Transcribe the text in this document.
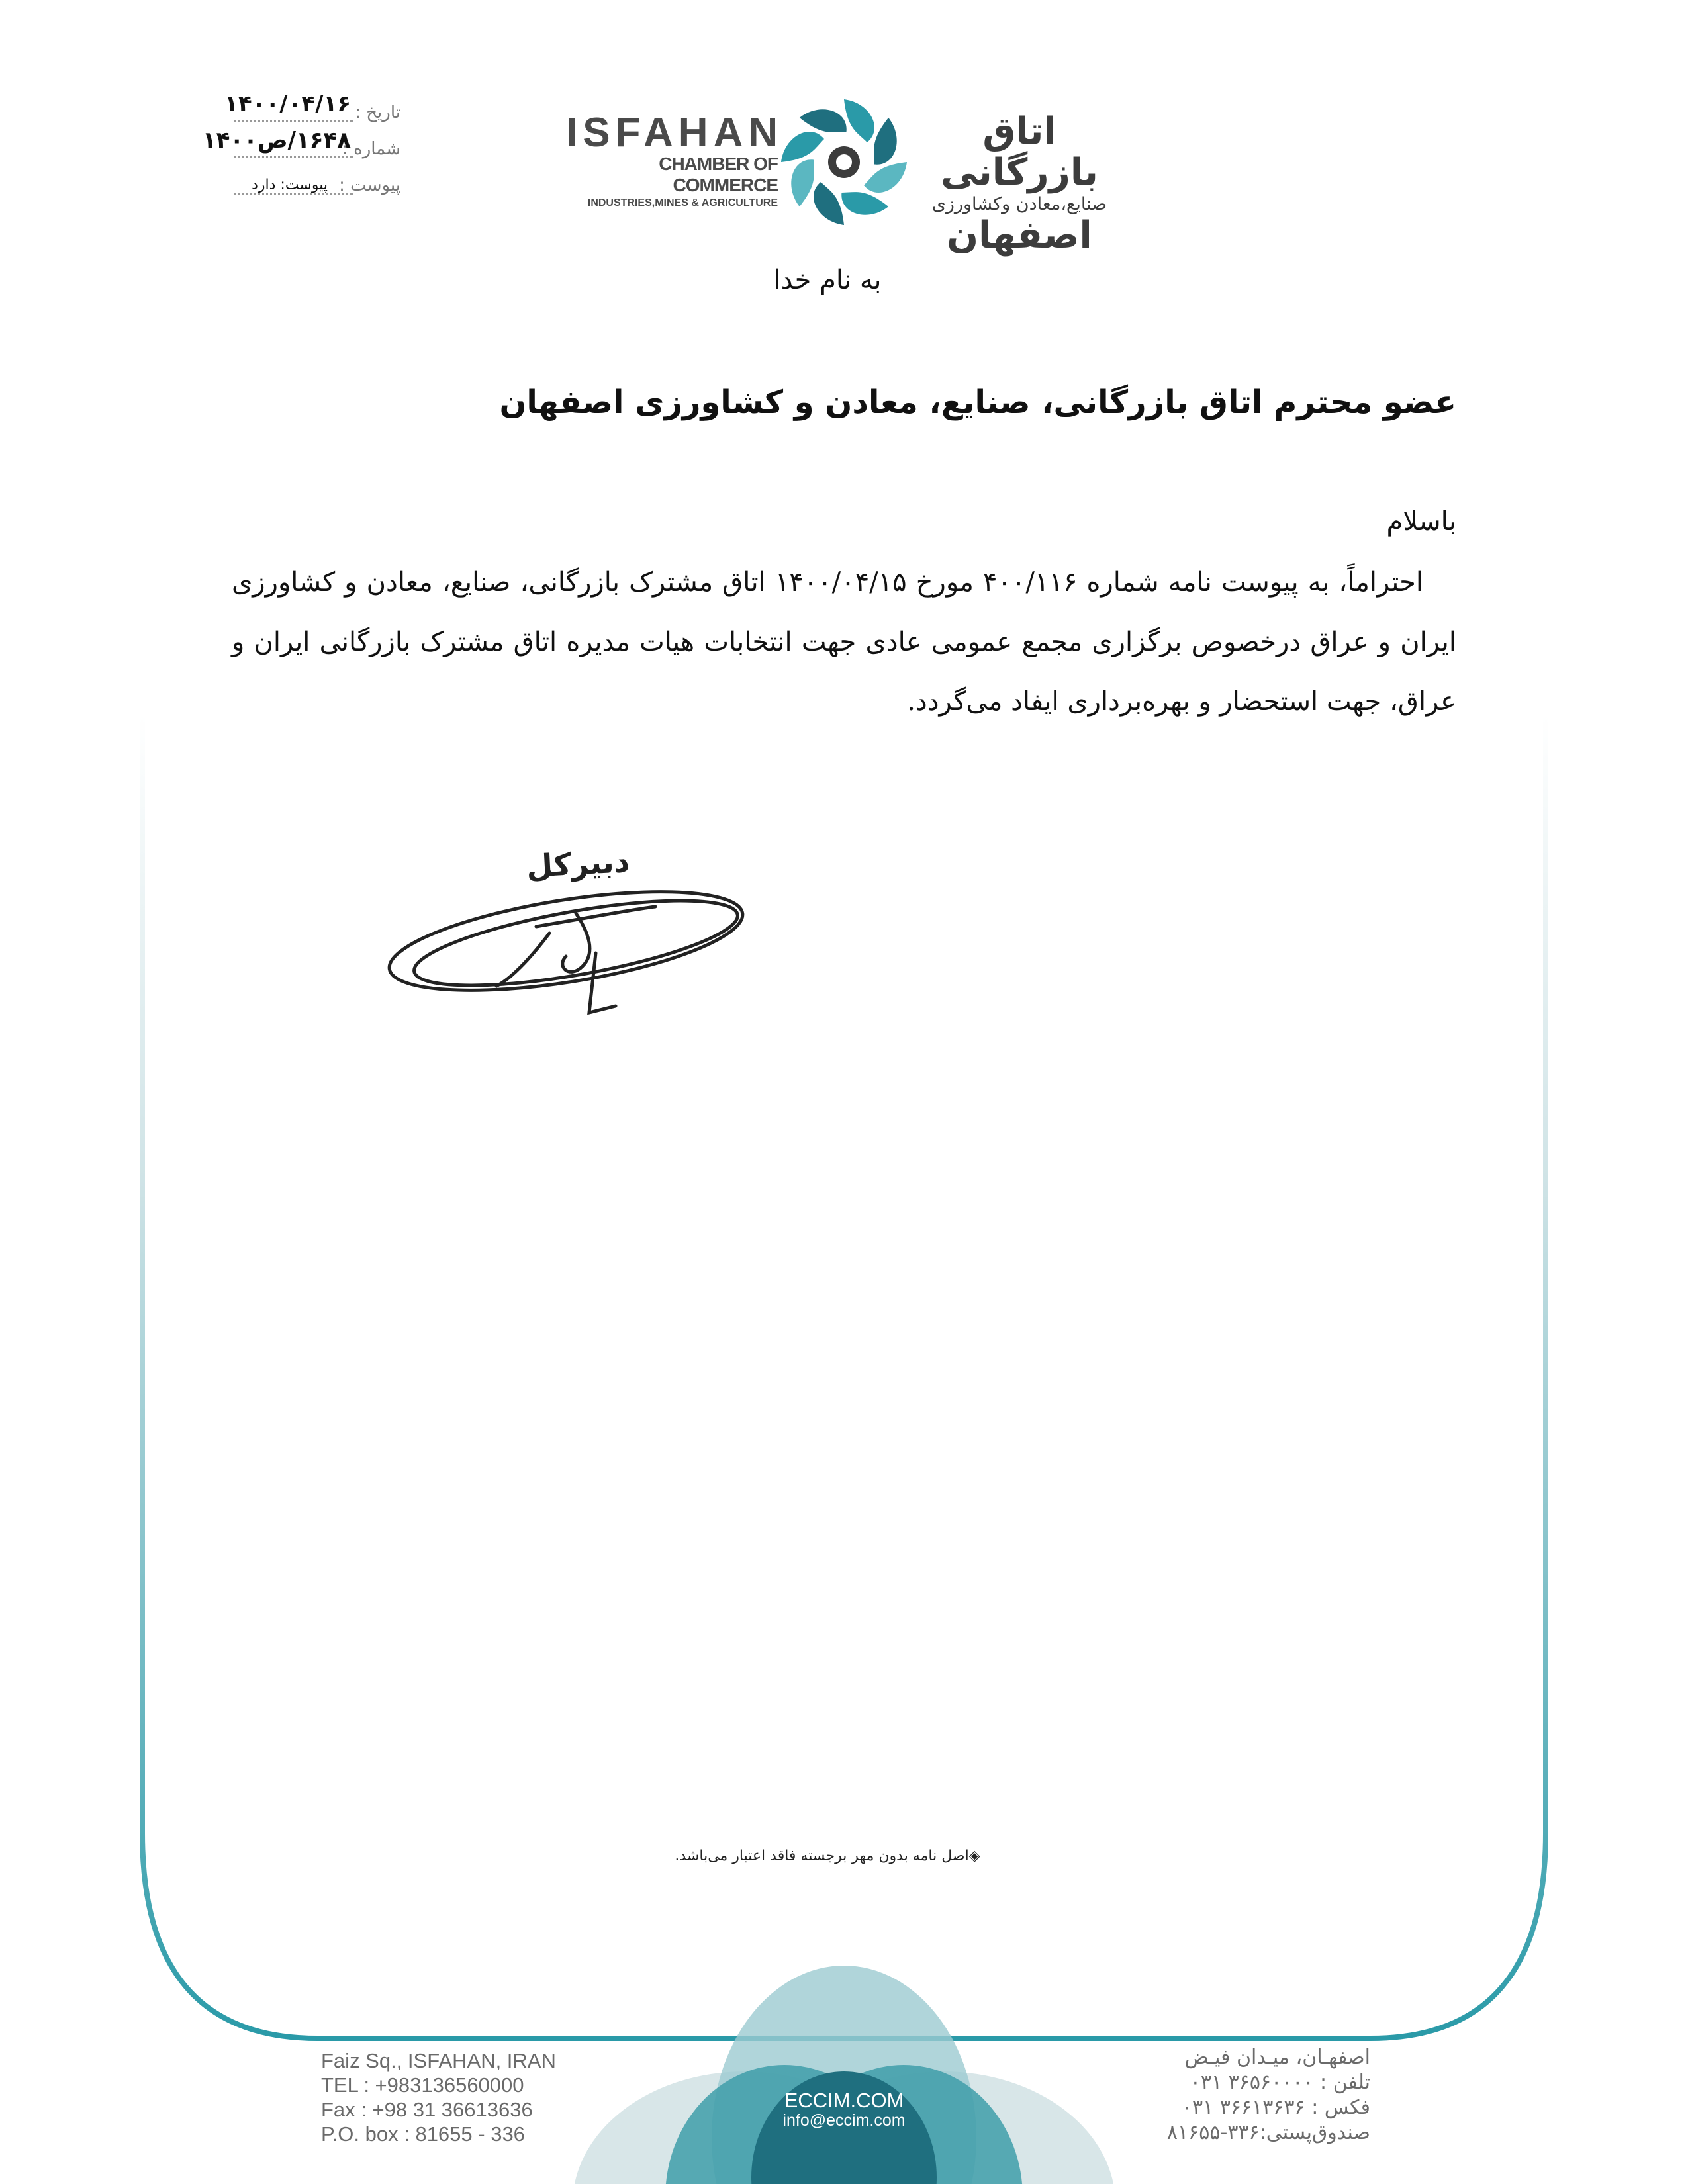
تاریخ :
۱۴۰۰/۰۴/۱۶
شماره :
۱۶۴۸/ص۱۴۰۰
پیوست :
پیوست: دارد
ISFAHAN
CHAMBER OF COMMERCE
INDUSTRIES,MINES & AGRICULTURE
اتاق بازرگانی
صنایع،معادن وکشاورزی
اصفهان
به نام خدا
عضو محترم اتاق بازرگانی، صنایع، معادن و کشاورزی اصفهان
باسلام
احتراماً، به پیوست نامه شماره ۴۰۰/۱۱۶ مورخ ۱۴۰۰/۰۴/۱۵ اتاق مشترک بازرگانی، صنایع، معادن و کشاورزی ایران و عراق درخصوص برگزاری مجمع عمومی عادی جهت انتخابات هیات مدیره اتاق مشترک بازرگانی ایران و عراق، جهت استحضار و بهره‌برداری ایفاد می‌گردد.
دبیرکل
◈اصل نامه بدون مهر برجسته فاقد اعتبار می‌باشد.
Faiz Sq., ISFAHAN, IRAN
TEL : +983136560000
Fax : +98 31 36613636
P.O. box : 81655 - 336
ECCIM.COM
info@eccim.com
اصفهـان، میـدان فیـض
تلفن : ۳۶۵۶۰۰۰۰ ۰۳۱
فکس : ۳۶۶۱۳۶۳۶ ۰۳۱
صندوق‌پستی:۳۳۶-۸۱۶۵۵
